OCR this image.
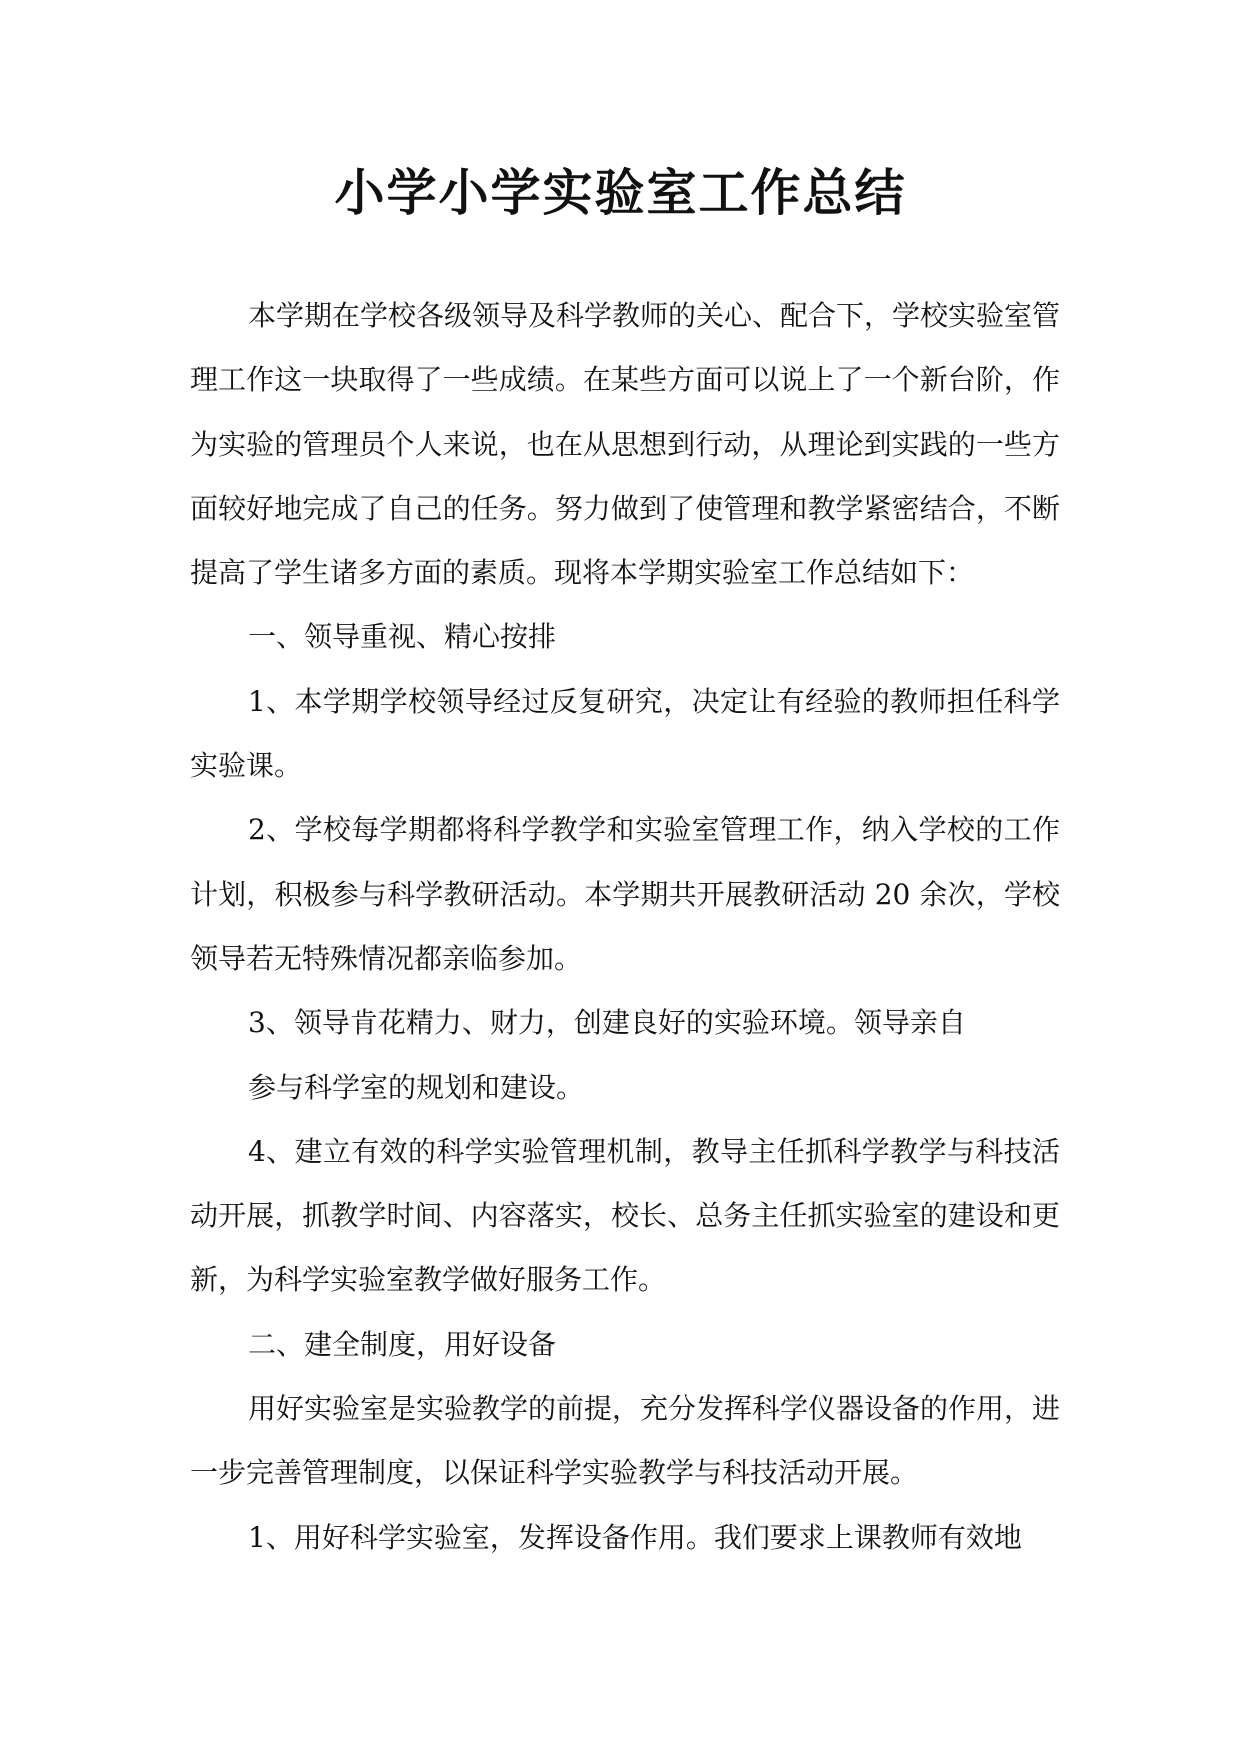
小学小学实验室工作总结

本学期在学校各级领导及科学教师的关心、配合下，学校实验室管理工作这一块取得了一些成绩。在某些方面可以说上了一个新台阶，作为实验的管理员个人来说，也在从思想到行动，从理论到实践的一些方面较好地完成了自己的任务。努力做到了使管理和教学紧密结合，不断提高了学生诸多方面的素质。现将本学期实验室工作总结如下：

一、领导重视、精心按排

1、本学期学校领导经过反复研究，决定让有经验的教师担任科学实验课。

2、学校每学期都将科学教学和实验室管理工作，纳入学校的工作计划，积极参与科学教研活动。本学期共开展教研活动 20 余次，学校领导若无特殊情况都亲临参加。

3、领导肯花精力、财力，创建良好的实验环境。领导亲自

参与科学室的规划和建设。

4、建立有效的科学实验管理机制，教导主任抓科学教学与科技活动开展，抓教学时间、内容落实，校长、总务主任抓实验室的建设和更新，为科学实验室教学做好服务工作。

二、建全制度，用好设备

用好实验室是实验教学的前提，充分发挥科学仪器设备的作用，进一步完善管理制度，以保证科学实验教学与科技活动开展。

1、用好科学实验室，发挥设备作用。我们要求上课教师有效地
